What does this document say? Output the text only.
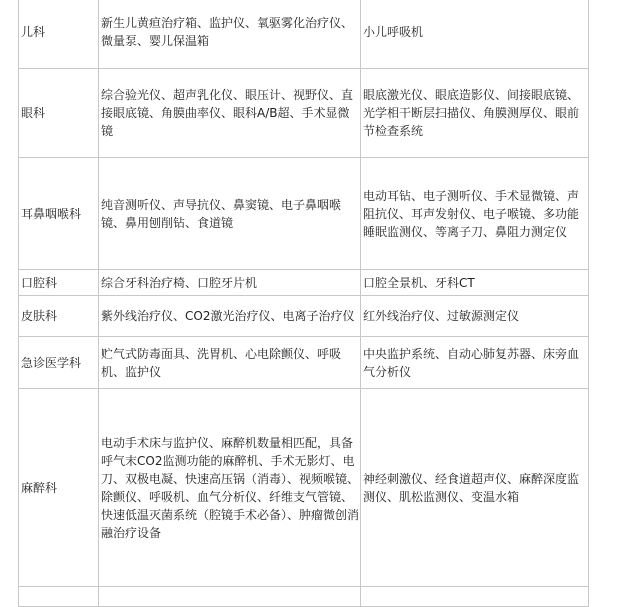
儿科	新生儿黄疸治疗箱、监护仪、氧驱雾化治疗仪、微量泵、婴儿保温箱	小儿呼吸机
眼科	综合验光仪、超声乳化仪、眼压计、视野仪、直接眼底镜、角膜曲率仪、眼科A/B超、手术显微镜	眼底激光仪、眼底造影仪、间接眼底镜、光学相干断层扫描仪、角膜测厚仪、眼前节检查系统
耳鼻咽喉科	纯音测听仪、声导抗仪、鼻窦镜、电子鼻咽喉镜、鼻用刨削钻、食道镜	电动耳钻、电子测听仪、手术显微镜、声阻抗仪、耳声发射仪、电子喉镜、多功能睡眠监测仪、等离子刀、鼻阻力测定仪
口腔科	综合牙科治疗椅、口腔牙片机	口腔全景机、牙科CT
皮肤科	紫外线治疗仪、CO2激光治疗仪、电离子治疗仪	红外线治疗仪、过敏源测定仪
急诊医学科	贮气式防毒面具、洗胃机、心电除颤仪、呼吸机、监护仪	中央监护系统、自动心肺复苏器、床旁血气分析仪
麻醉科	电动手术床与监护仪、麻醉机数量相匹配，具备呼气末CO2监测功能的麻醉机、手术无影灯、电刀、双极电凝、快速高压锅（消毒）、视频喉镜、除颤仪、呼吸机、血气分析仪、纤维支气管镜、快速低温灭菌系统（腔镜手术必备）、肿瘤微创消融治疗设备	神经刺激仪、经食道超声仪、麻醉深度监测仪、肌松监测仪、变温水箱
